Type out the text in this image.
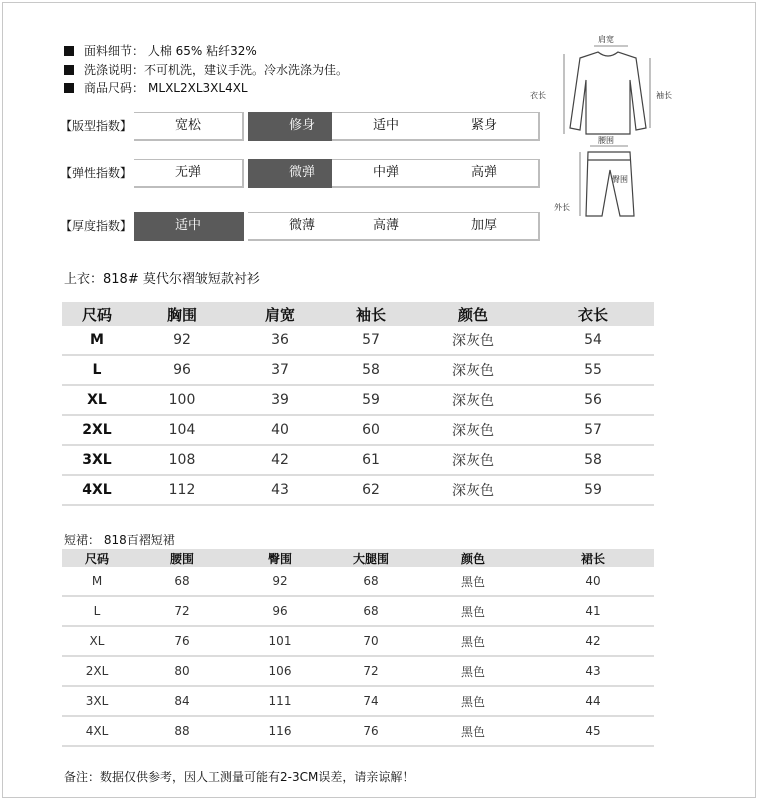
面料细节： 人棉 65% 粘纤32%
洗涤说明：不可机洗，建议手洗。冷水洗涤为佳。
商品尺码： MLXL2XL3XL4XL
【版型指数】	宽松	修身	适中	紧身
【弹性指数】	无弹	微弹	中弹	高弹
【厚度指数】	适中	微薄	高薄	加厚
肩宽
衣长	袖长
腰围
臀围
外长
上衣：818# 莫代尔褶皱短款衬衫
尺码	胸围	肩宽	袖长	颜色	衣长
M	92	36	57	深灰色	54
L	96	37	58	深灰色	55
XL	100	39	59	深灰色	56
2XL	104	40	60	深灰色	57
3XL	108	42	61	深灰色	58
4XL	112	43	62	深灰色	59
短裙： 818百褶短裙
尺码	腰围	臀围	大腿围	颜色	裙长
M	68	92	68	黑色	40
L	72	96	68	黑色	41
XL	76	101	70	黑色	42
2XL	80	106	72	黑色	43
3XL	84	111	74	黑色	44
4XL	88	116	76	黑色	45
备注：数据仅供参考，因人工测量可能有2-3CM误差，请亲谅解！
